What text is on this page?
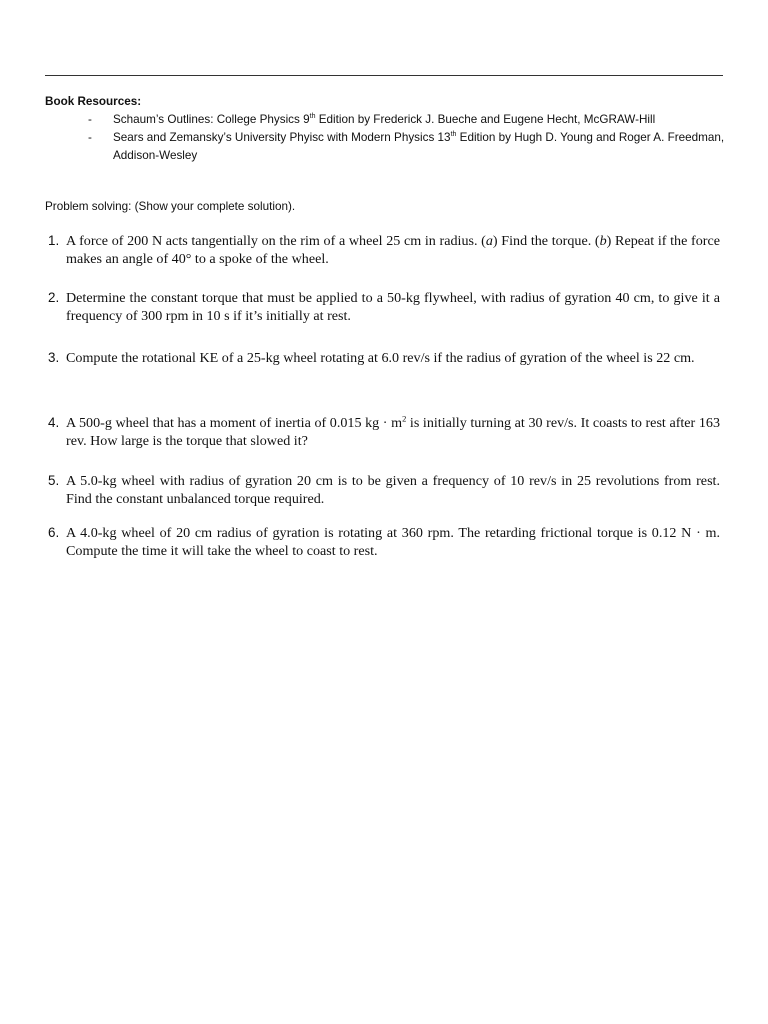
Book Resources:
- Schaum’s Outlines: College Physics 9th Edition by Frederick J. Bueche and Eugene Hecht, McGRAW-Hill
- Sears and Zemansky’s University Phyisc with Modern Physics 13th Edition by Hugh D. Young and Roger A. Freedman, Addison-Wesley
Problem solving: (Show your complete solution).
1. A force of 200 N acts tangentially on the rim of a wheel 25 cm in radius. (a) Find the torque. (b) Repeat if the force makes an angle of 40° to a spoke of the wheel.
2. Determine the constant torque that must be applied to a 50-kg flywheel, with radius of gyration 40 cm, to give it a frequency of 300 rpm in 10 s if it’s initially at rest.
3. Compute the rotational KE of a 25-kg wheel rotating at 6.0 rev/s if the radius of gyration of the wheel is 22 cm.
4. A 500-g wheel that has a moment of inertia of 0.015 kg · $m^2$ is initially turning at 30 rev/s. It coasts to rest after 163 rev. How large is the torque that slowed it?
5. A 5.0-kg wheel with radius of gyration 20 cm is to be given a frequency of 10 rev/s in 25 revolutions from rest. Find the constant unbalanced torque required.
6. A 4.0-kg wheel of 20 cm radius of gyration is rotating at 360 rpm. The retarding frictional torque is 0.12 N · m. Compute the time it will take the wheel to coast to rest.
